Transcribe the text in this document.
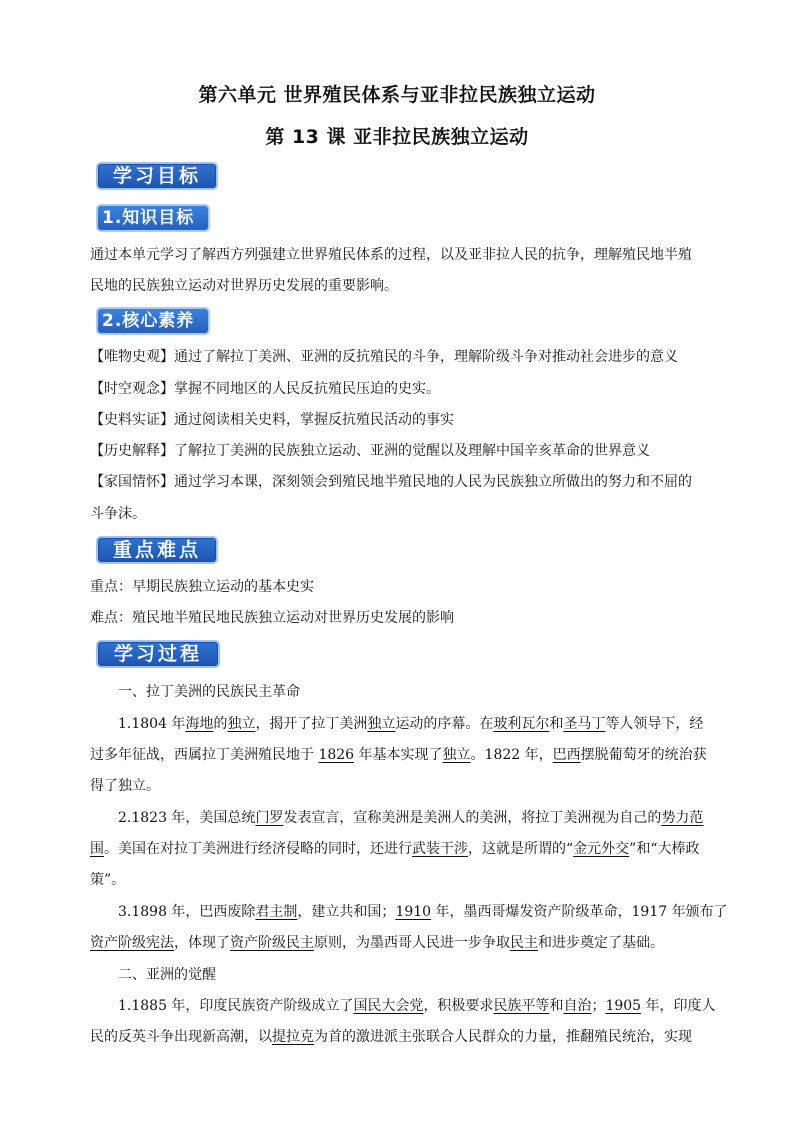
第六单元 世界殖民体系与亚非拉民族独立运动
第 13 课 亚非拉民族独立运动
学习目标
1.知识目标
通过本单元学习了解西方列强建立世界殖民体系的过程，以及亚非拉人民的抗争，理解殖民地半殖
民地的民族独立运动对世界历史发展的重要影响。
2.核心素养
【唯物史观】通过了解拉丁美洲、亚洲的反抗殖民的斗争，理解阶级斗争对推动社会进步的意义
【时空观念】掌握不同地区的人民反抗殖民压迫的史实。
【史料实证】通过阅读相关史料，掌握反抗殖民活动的事实
【历史解释】了解拉丁美洲的民族独立运动、亚洲的觉醒以及理解中国辛亥革命的世界意义
【家国情怀】通过学习本课，深刻领会到殖民地半殖民地的人民为民族独立所做出的努力和不屈的
斗争沫。
重点难点
重点：早期民族独立运动的基本史实
难点：殖民地半殖民地民族独立运动对世界历史发展的影响
学习过程
一、拉丁美洲的民族民主革命
1.1804 年海地的独立，揭开了拉丁美洲独立运动的序幕。在玻利瓦尔和圣马丁等人领导下，经
过多年征战，西属拉丁美洲殖民地于 1826 年基本实现了独立。1822 年，巴西摆脱葡萄牙的统治获
得了独立。
2.1823 年，美国总统门罗发表宣言，宣称美洲是美洲人的美洲，将拉丁美洲视为自己的势力范
围。美国在对拉丁美洲进行经济侵略的同时，还进行武装干涉，这就是所谓的“金元外交”和“大棒政
策”。
3.1898 年，巴西废除君主制，建立共和国；1910 年，墨西哥爆发资产阶级革命，1917 年颁布了
资产阶级宪法，体现了资产阶级民主原则，为墨西哥人民进一步争取民主和进步奠定了基础。
二、亚洲的觉醒
1.1885 年，印度民族资产阶级成立了国民大会党，积极要求民族平等和自治；1905 年，印度人
民的反英斗争出现新高潮，以提拉克为首的激进派主张联合人民群众的力量，推翻殖民统治，实现
